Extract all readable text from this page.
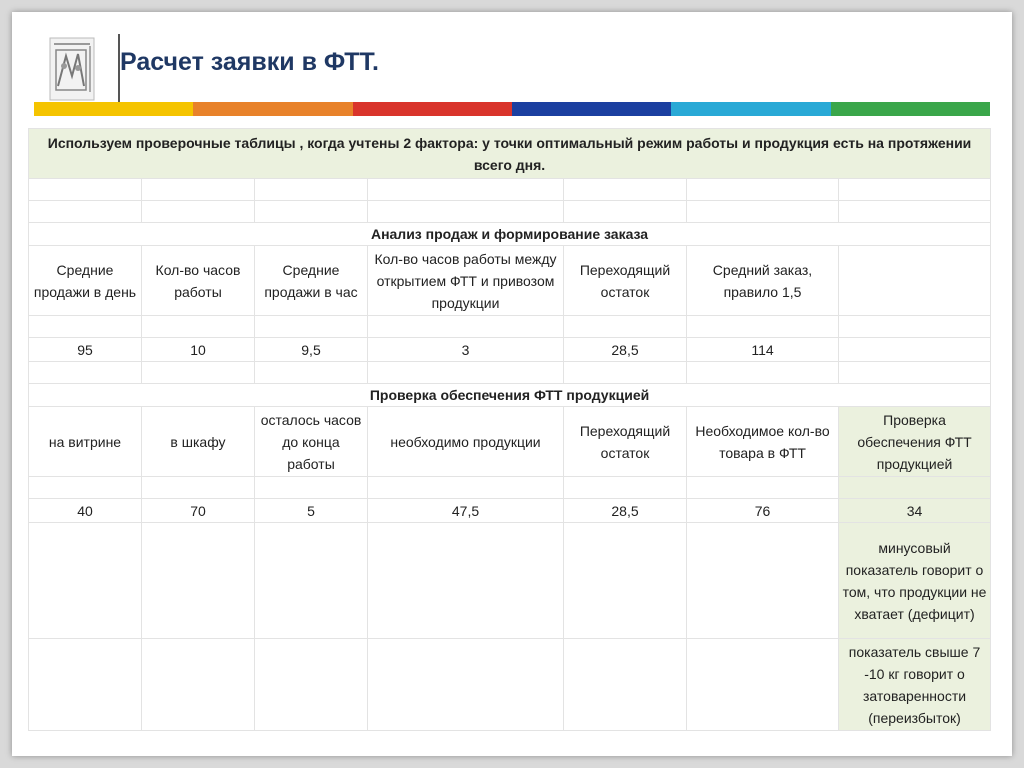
Расчет заявки в ФТТ.
Используем проверочные таблицы , когда учтены 2 фактора: у точки оптимальный режим работы и продукция есть на протяжении всего дня.						

Анализ продаж и формирование заказа						
Средние продажи в день	Кол-во часов работы	Средние продажи в час	Кол-во часов работы между открытием ФТТ и привозом продукции	Переходящий остаток	Средний заказ, правило 1,5	

95	10	9,5	3	28,5	114	

Проверка обеспечения ФТТ продукцией						
на витрине	в шкафу	осталось часов до конца работы	необходимо продукции	Переходящий остаток	Необходимое кол-во товара в ФТТ	Проверка обеспечения ФТТ продукцией

40	70	5	47,5	28,5	76	34
						минусовый показатель говорит о том, что продукции не хватает (дефицит)
						показатель свыше 7 -10 кг говорит о затоваренности (переизбыток)
